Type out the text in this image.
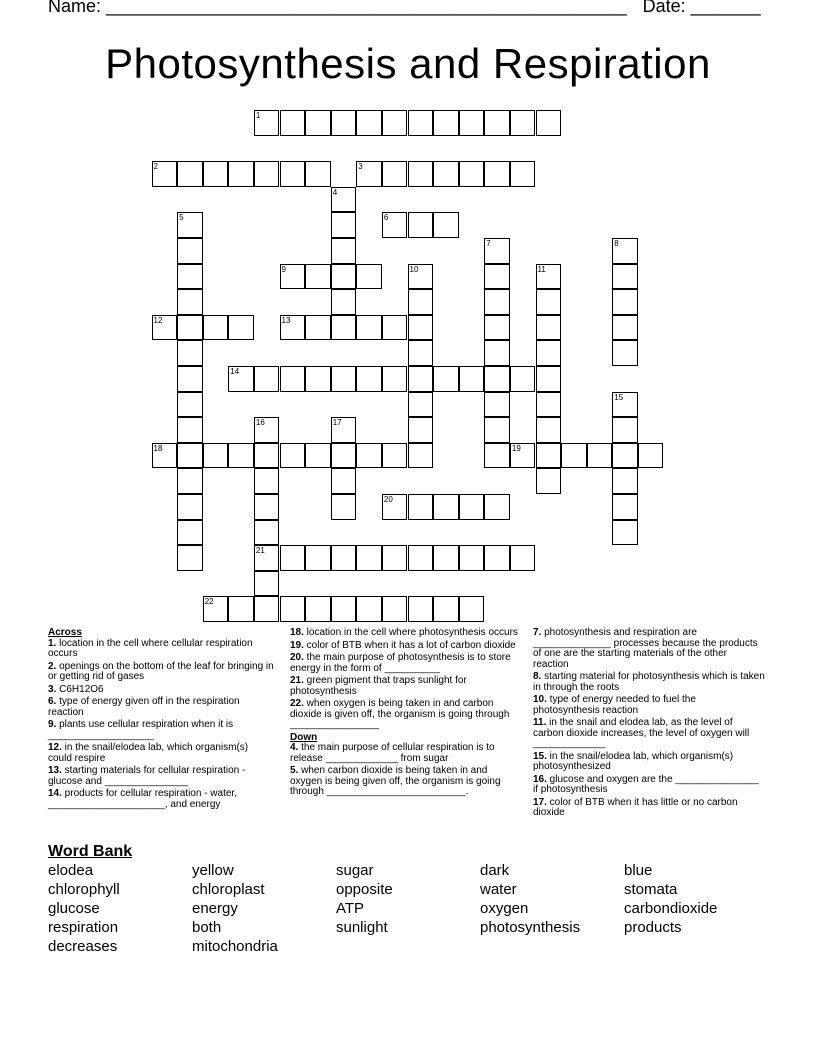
Name: ____________________________________________________ Date: _______
Photosynthesis and Respiration
1
2	3
4
5	6
7	8
9	10	11
12	13
14
15
16
21
17
18	19
20
22
Across
1. location in the cell where cellular respiration occurs
2. openings on the bottom of the leaf for bringing in or getting rid of gases
3. C6H12O6
6. type of energy given off in the respiration reaction
9. plants use cellular respiration when it is ___________________
12. in the snail/elodea lab, which organism(s) could respire
13. starting materials for cellular respiration - glucose and _______________
14. products for cellular respiration - water, _____________________, and energy
18. location in the cell where photosynthesis occurs
19. color of BTB when it has a lot of carbon dioxide
20. the main purpose of photosynthesis is to store energy in the form of __________
21. green pigment that traps sunlight for photosynthesis
22. when oxygen is being taken in and carbon dioxide is given off, the organism is going through ________________
Down
4. the main purpose of cellular respiration is to release _____________ from sugar
5. when carbon dioxide is being taken in and oxygen is being given off, the organism is going through _________________________.
7. photosynthesis and respiration are ______________ processes because the products of one are the starting materials of the other reaction
8. starting material for photosynthesis which is taken in through the roots
10. type of energy needed to fuel the photosynthesis reaction
11. in the snail and elodea lab, as the level of carbon dioxide increases, the level of oxygen will _____________
15. in the snail/elodea lab, which organism(s) photosynthesized
16. glucose and oxygen are the _______________ if photosynthesis
17. color of BTB when it has little or no carbon dioxide
Word Bank
elodea	yellow	sugar	dark	blue
chlorophyll	chloroplast	opposite	water	stomata
glucose	energy	ATP	oxygen	carbondioxide
respiration	both	sunlight	photosynthesis	products
decreases	mitochondria
